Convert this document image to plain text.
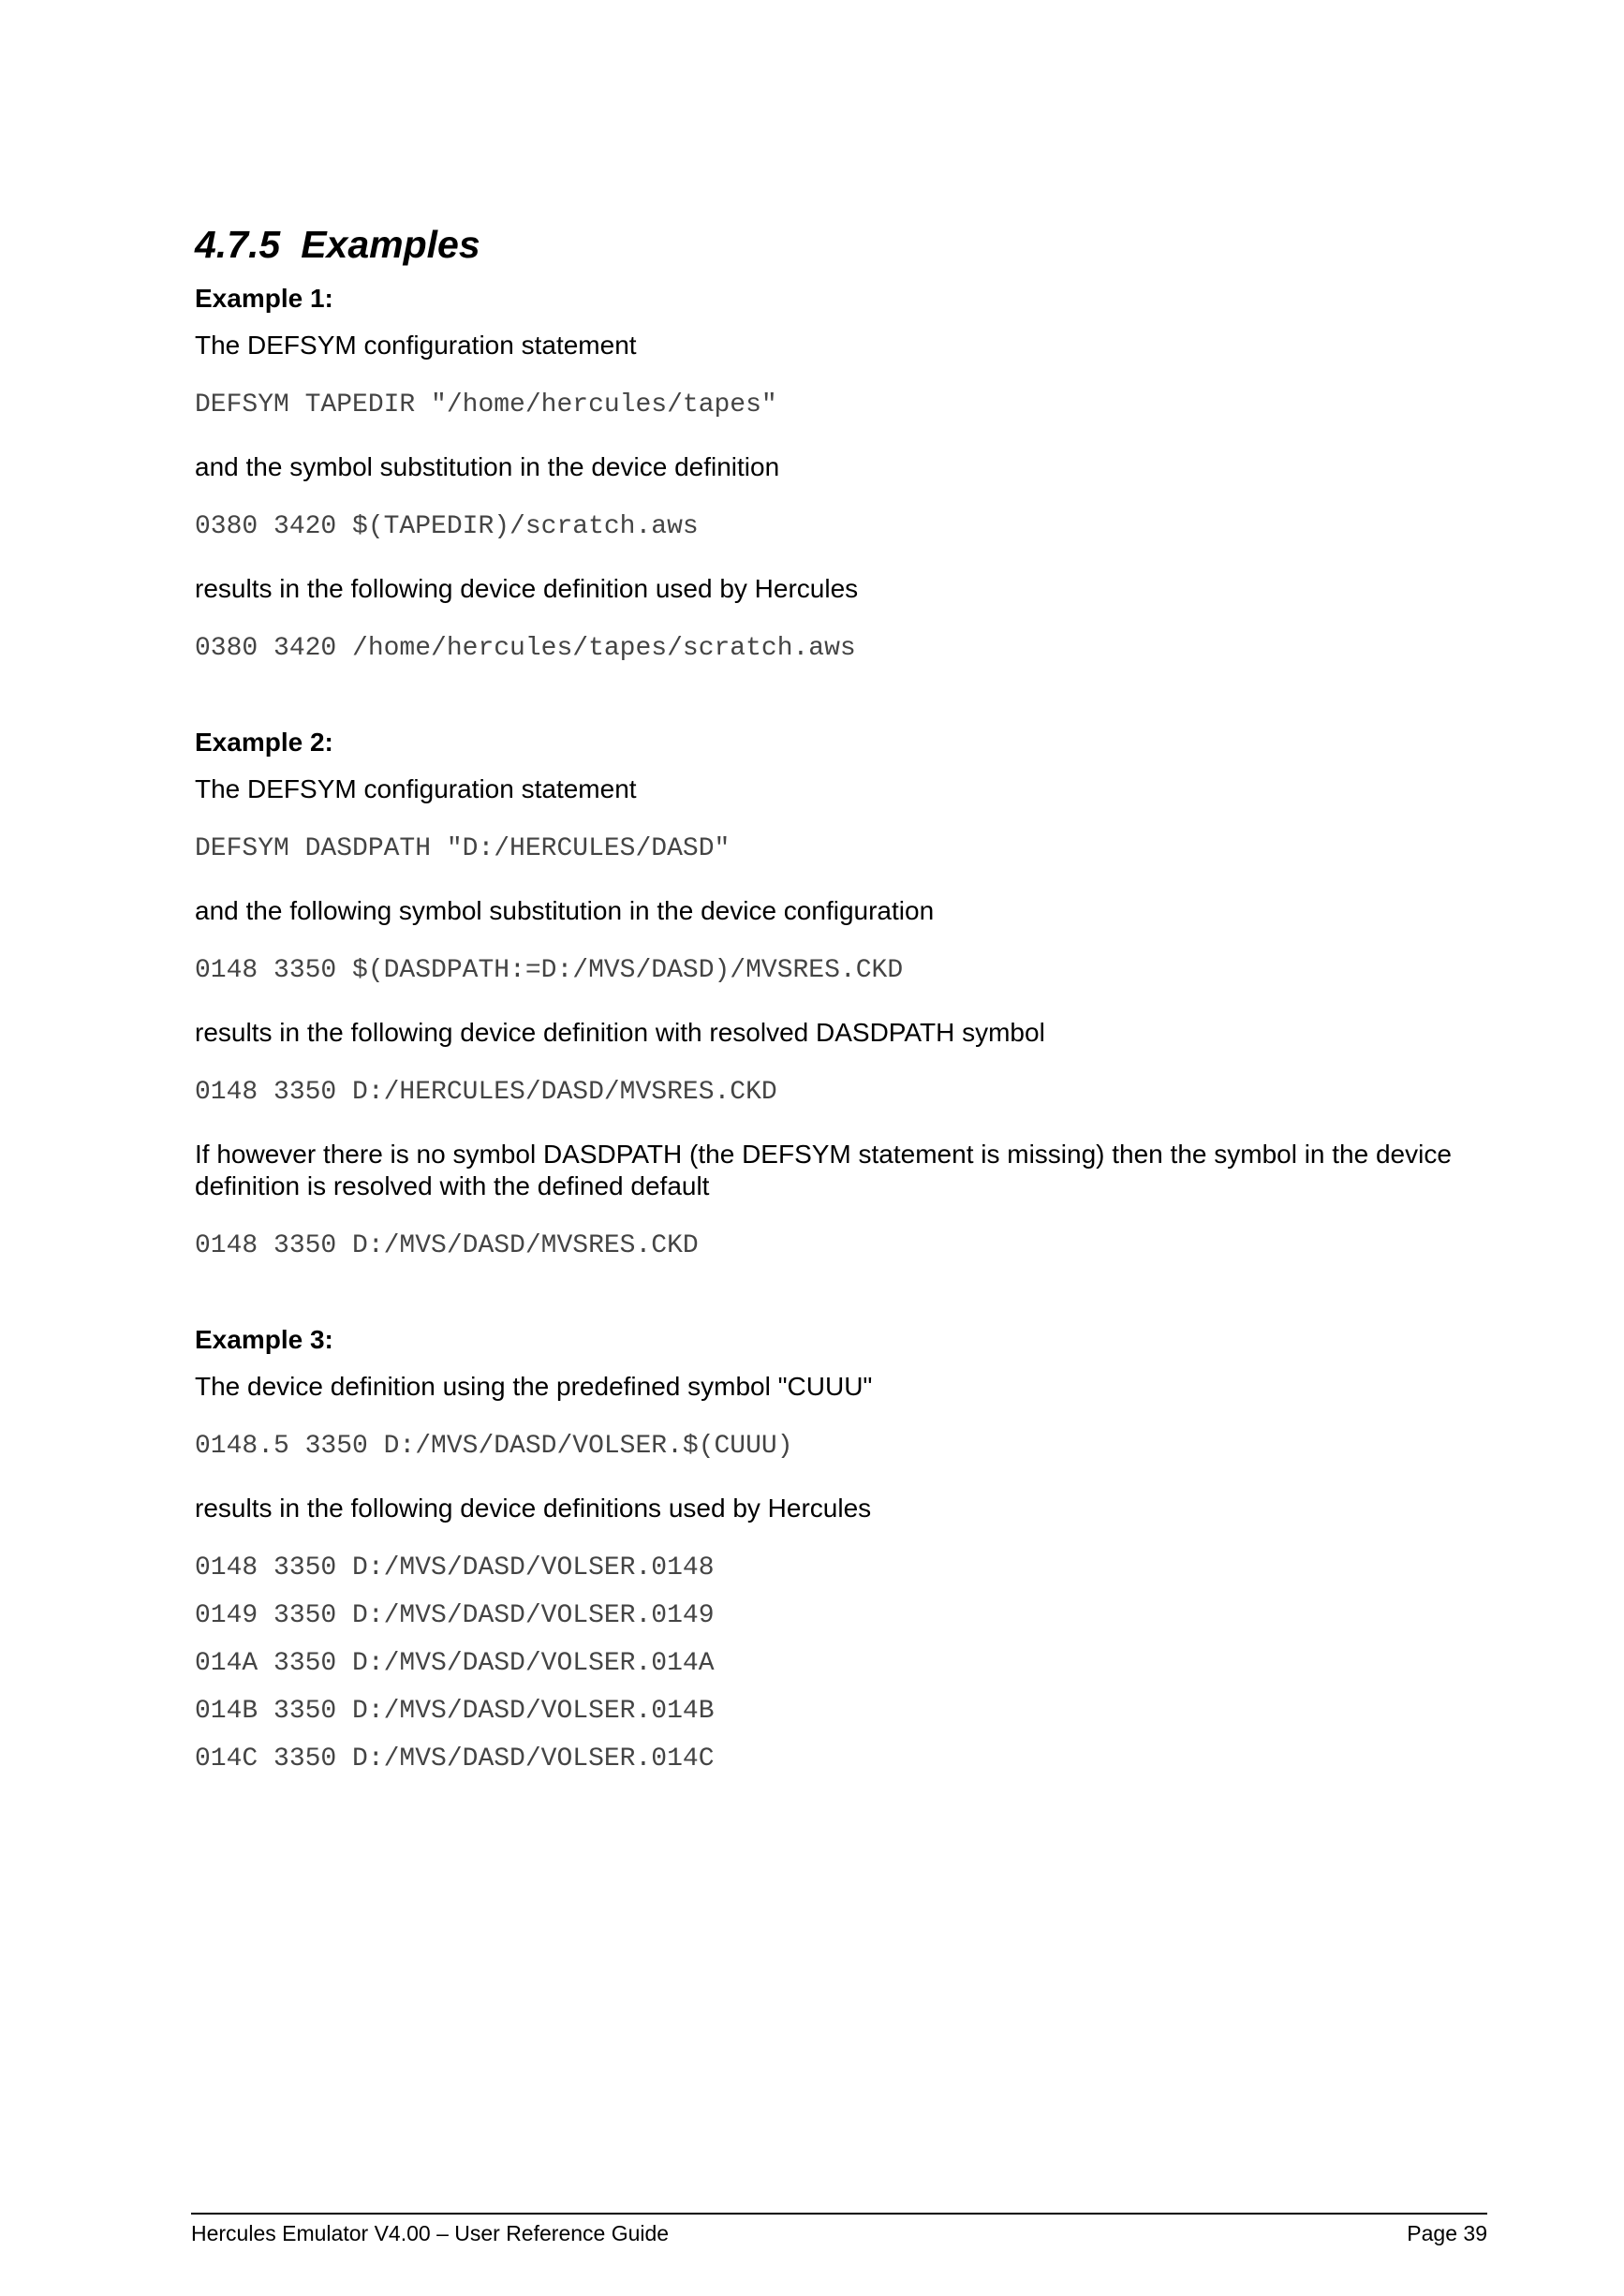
4.7.5 Examples
Example 1:
The DEFSYM configuration statement
DEFSYM TAPEDIR "/home/hercules/tapes"
and the symbol substitution in the device definition
0380 3420 $(TAPEDIR)/scratch.aws
results in the following device definition used by Hercules
0380 3420 /home/hercules/tapes/scratch.aws
Example 2:
The DEFSYM configuration statement
DEFSYM DASDPATH "D:/HERCULES/DASD"
and the following symbol substitution in the device configuration
0148 3350 $(DASDPATH:=D:/MVS/DASD)/MVSRES.CKD
results in the following device definition with resolved DASDPATH symbol
0148 3350 D:/HERCULES/DASD/MVSRES.CKD
If however there is no symbol DASDPATH (the DEFSYM statement is missing) then the symbol in the device definition is resolved with the defined default
0148 3350 D:/MVS/DASD/MVSRES.CKD
Example 3:
The device definition using the predefined symbol "CUUU"
0148.5 3350 D:/MVS/DASD/VOLSER.$(CUUU)
results in the following device definitions used by Hercules
0148 3350 D:/MVS/DASD/VOLSER.0148
0149 3350 D:/MVS/DASD/VOLSER.0149
014A 3350 D:/MVS/DASD/VOLSER.014A
014B 3350 D:/MVS/DASD/VOLSER.014B
014C 3350 D:/MVS/DASD/VOLSER.014C
Hercules Emulator V4.00 – User Reference Guide	Page 39
